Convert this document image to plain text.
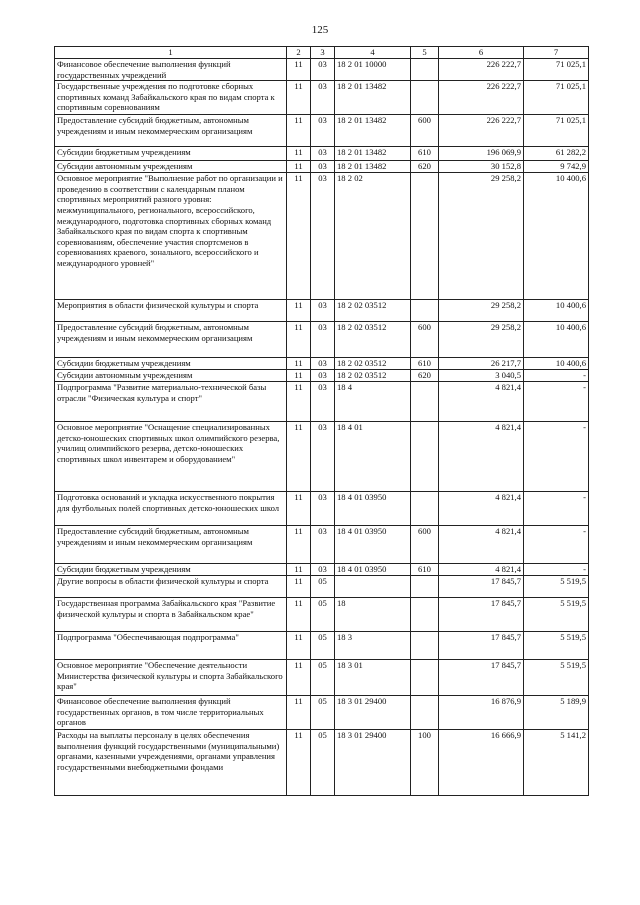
125
1	2	3	4	5	6	7
Финансовое обеспечение выполнения функций государственных учреждений	11	03	18 2 01 10000		226 222,7	71 025,1
Государственные учреждения по подготовке сборных спортивных команд Забайкальского края по видам спорта к спортивным соревнованиям	11	03	18 2 01 13482		226 222,7	71 025,1
Предоставление субсидий бюджетным, автономным учреждениям и иным некоммерческим организациям	11	03	18 2 01 13482	600	226 222,7	71 025,1
Субсидии бюджетным учреждениям	11	03	18 2 01 13482	610	196 069,9	61 282,2
Субсидии автономным учреждениям	11	03	18 2 01 13482	620	30 152,8	9 742,9
Основное мероприятие "Выполнение работ по организации и проведению в соответствии с календарным планом спортивных мероприятий разного уровня: межмуниципального, регионального, всероссийского, международного, подготовка спортивных сборных команд Забайкальского края по видам спорта к спортивным соревнованиям, обеспечение участия спортсменов в соревнованиях краевого, зонального, всероссийского и международного уровней"	11	03	18 2 02		29 258,2	10 400,6
Мероприятия в области физической культуры и спорта	11	03	18 2 02 03512		29 258,2	10 400,6
Предоставление субсидий бюджетным, автономным учреждениям и иным некоммерческим организациям	11	03	18 2 02 03512	600	29 258,2	10 400,6
Субсидии бюджетным учреждениям	11	03	18 2 02 03512	610	26 217,7	10 400,6
Субсидии автономным учреждениям	11	03	18 2 02 03512	620	3 040,5	-
Подпрограмма "Развитие материально-технической базы отрасли "Физическая культура и спорт"	11	03	18 4		4 821,4	-
Основное мероприятие "Оснащение специализированных детско-юношеских спортивных школ олимпийского резерва, училищ олимпийского резерва, детско-юношеских спортивных школ инвентарем и оборудованием"	11	03	18 4 01		4 821,4	-
Подготовка оснований и укладка искусственного покрытия для футбольных полей спортивных детско-юношеских школ	11	03	18 4 01 03950		4 821,4	-
Предоставление субсидий бюджетным, автономным учреждениям и иным некоммерческим организациям	11	03	18 4 01 03950	600	4 821,4	-
Субсидии бюджетным учреждениям	11	03	18 4 01 03950	610	4 821,4	-
Другие вопросы в области физической культуры и спорта	11	05			17 845,7	5 519,5
Государственная программа Забайкальского края "Развитие физической культуры и спорта в Забайкальском крае"	11	05	18		17 845,7	5 519,5
Подпрограмма "Обеспечивающая подпрограмма"	11	05	18 3		17 845,7	5 519,5
Основное мероприятие "Обеспечение деятельности Министерства физической культуры и спорта Забайкальского края"	11	05	18 3 01		17 845,7	5 519,5
Финансовое обеспечение выполнения функций государственных органов, в том числе территориальных органов	11	05	18 3 01 29400		16 876,9	5 189,9
Расходы на выплаты персоналу в целях обеспечения выполнения функций государственными (муниципальными) органами, казенными учреждениями, органами управления государственными внебюджетными фондами	11	05	18 3 01 29400	100	16 666,9	5 141,2
